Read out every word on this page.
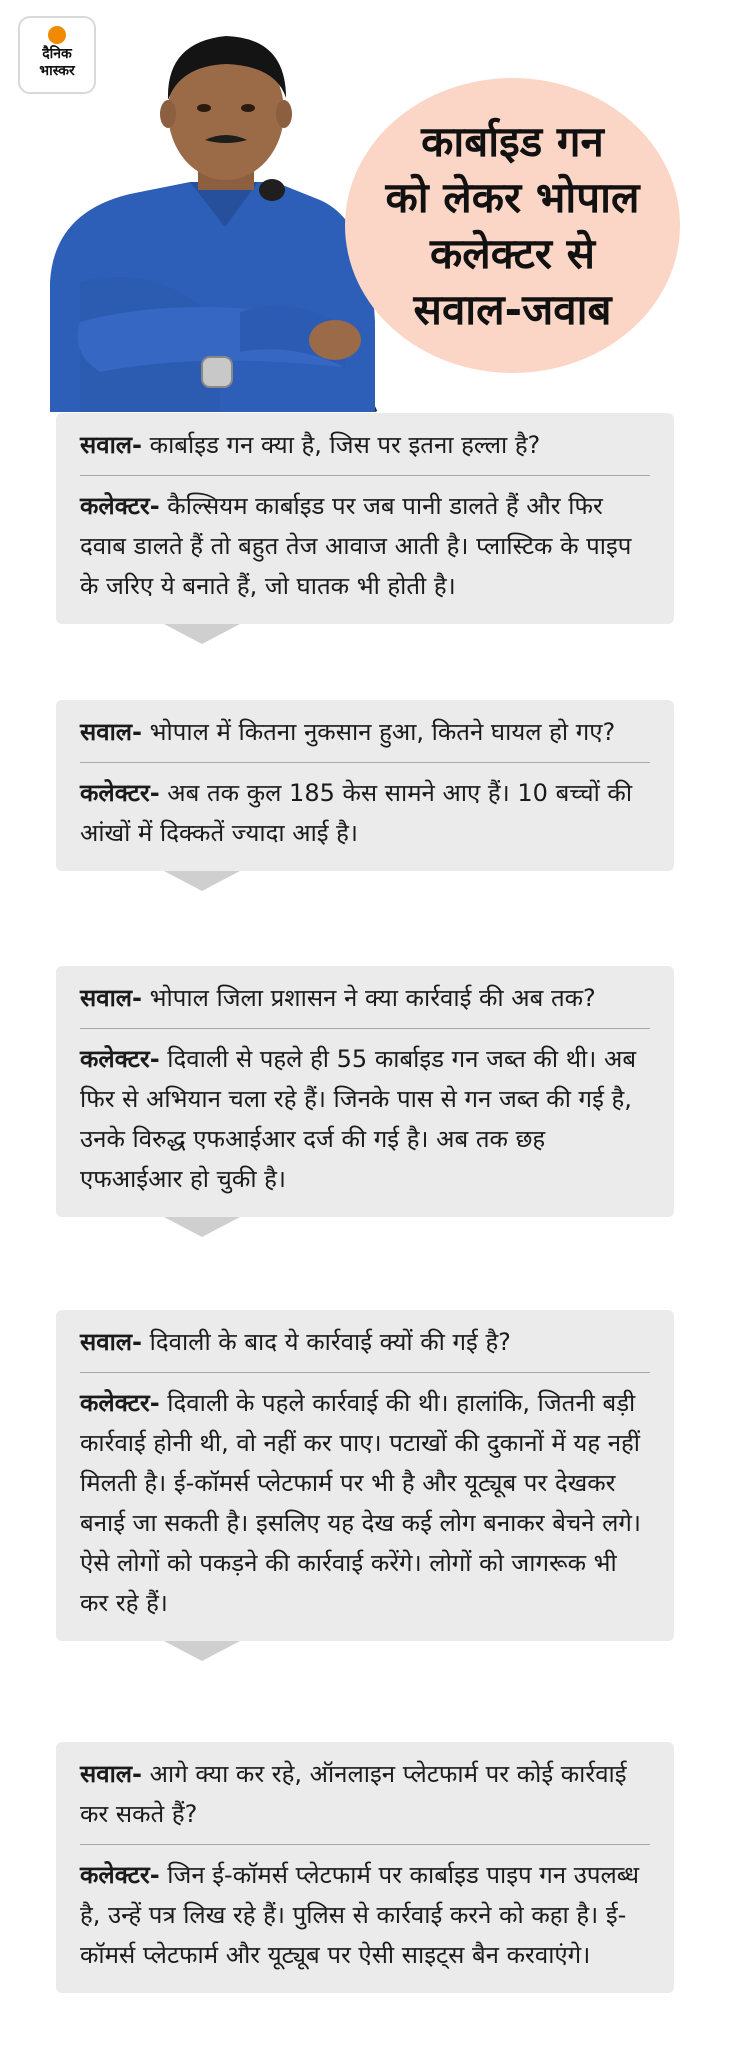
दैनिक
भास्कर
कार्बाइड गन
को लेकर भोपाल
कलेक्टर से
सवाल-जवाब
सवाल- कार्बाइड गन क्या है, जिस पर इतना हल्ला है?
कलेक्टर- कैल्सियम कार्बाइड पर जब पानी डालते हैं और फिर दवाब डालते हैं तो बहुत तेज आवाज आती है। प्लास्टिक के पाइप के जरिए ये बनाते हैं, जो घातक भी होती है।
सवाल- भोपाल में कितना नुकसान हुआ, कितने घायल हो गए?
कलेक्टर- अब तक कुल 185 केस सामने आए हैं। 10 बच्चों की आंखों में दिक्कतें ज्यादा आई है।
सवाल- भोपाल जिला प्रशासन ने क्या कार्रवाई की अब तक?
कलेक्टर- दिवाली से पहले ही 55 कार्बाइड गन जब्त की थी। अब फिर से अभियान चला रहे हैं। जिनके पास से गन जब्त की गई है, उनके विरुद्ध एफआईआर दर्ज की गई है। अब तक छह एफआईआर हो चुकी है।
सवाल- दिवाली के बाद ये कार्रवाई क्यों की गई है?
कलेक्टर- दिवाली के पहले कार्रवाई की थी। हालांकि, जितनी बड़ी कार्रवाई होनी थी, वो नहीं कर पाए। पटाखों की दुकानों में यह नहीं मिलती है। ई-कॉमर्स प्लेटफार्म पर भी है और यूट्यूब पर देखकर बनाई जा सकती है। इसलिए यह देख कई लोग बनाकर बेचने लगे। ऐसे लोगों को पकड़ने की कार्रवाई करेंगे। लोगों को जागरूक भी कर रहे हैं।
सवाल- आगे क्या कर रहे, ऑनलाइन प्लेटफार्म पर कोई कार्रवाई कर सकते हैं?
कलेक्टर- जिन ई-कॉमर्स प्लेटफार्म पर कार्बाइड पाइप गन उपलब्ध है, उन्हें पत्र लिख रहे हैं। पुलिस से कार्रवाई करने को कहा है। ई-कॉमर्स प्लेटफार्म और यूट्यूब पर ऐसी साइट्स बैन करवाएंगे।
